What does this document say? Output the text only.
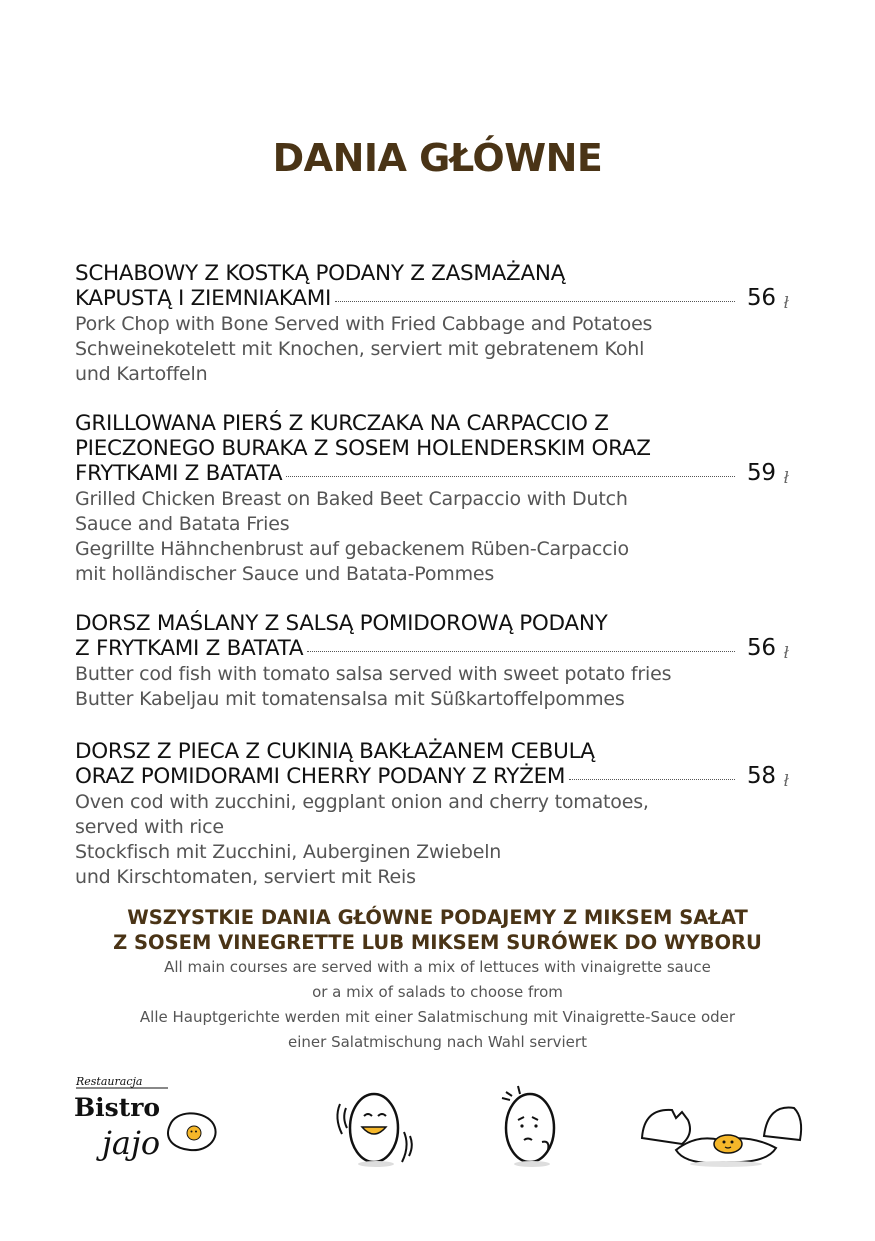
DANIA GŁÓWNE
SCHABOWY Z KOSTKĄ PODANY Z ZASMAŻANĄ
KAPUSTĄ I ZIEMNIAKAMI	56 ł
Pork Chop with Bone Served with Fried Cabbage and Potatoes
Schweinekotelett mit Knochen, serviert mit gebratenem Kohl
und Kartoffeln
GRILLOWANA PIERŚ Z KURCZAKA NA CARPACCIO Z
PIECZONEGO BURAKA Z SOSEM HOLENDERSKIM ORAZ
FRYTKAMI Z BATATA	59 ł
Grilled Chicken Breast on Baked Beet Carpaccio with Dutch
Sauce and Batata Fries
Gegrillte Hähnchenbrust auf gebackenem Rüben-Carpaccio
mit holländischer Sauce und Batata-Pommes
DORSZ MAŚLANY Z SALSĄ POMIDOROWĄ PODANY
Z FRYTKAMI Z BATATA	56 ł
Butter cod fish with tomato salsa served with sweet potato fries
Butter Kabeljau mit tomatensalsa mit Süßkartoffelpommes
DORSZ Z PIECA Z CUKINIĄ BAKŁAŻANEM CEBULĄ
ORAZ POMIDORAMI CHERRY PODANY Z RYŻEM	58 ł
Oven cod with zucchini, eggplant onion and cherry tomatoes,
served with rice
Stockfisch mit Zucchini, Auberginen Zwiebeln
und Kirschtomaten, serviert mit Reis
WSZYSTKIE DANIA GŁÓWNE PODAJEMY Z MIKSEM SAŁAT
Z SOSEM VINEGRETTE LUB MIKSEM SURÓWEK DO WYBORU
All main courses are served with a mix of lettuces with vinaigrette sauce
or a mix of salads to choose from
Alle Hauptgerichte werden mit einer Salatmischung mit Vinaigrette-Sauce oder
einer Salatmischung nach Wahl serviert
Restauracja
Bistro
jajo
